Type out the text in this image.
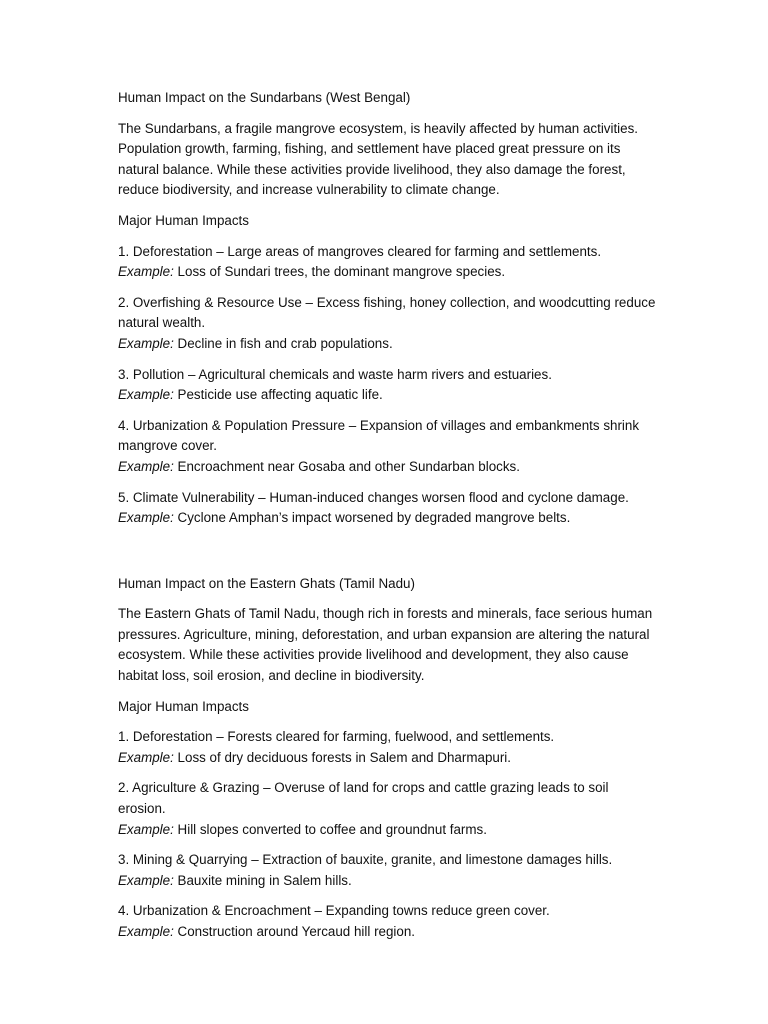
Human Impact on the Sundarbans (West Bengal)
The Sundarbans, a fragile mangrove ecosystem, is heavily affected by human activities. Population growth, farming, fishing, and settlement have placed great pressure on its natural balance. While these activities provide livelihood, they also damage the forest, reduce biodiversity, and increase vulnerability to climate change.
Major Human Impacts
1. Deforestation – Large areas of mangroves cleared for farming and settlements.
Example: Loss of Sundari trees, the dominant mangrove species.
2. Overfishing & Resource Use – Excess fishing, honey collection, and woodcutting reduce natural wealth.
Example: Decline in fish and crab populations.
3. Pollution – Agricultural chemicals and waste harm rivers and estuaries.
Example: Pesticide use affecting aquatic life.
4. Urbanization & Population Pressure – Expansion of villages and embankments shrink mangrove cover.
Example: Encroachment near Gosaba and other Sundarban blocks.
5. Climate Vulnerability – Human-induced changes worsen flood and cyclone damage.
Example: Cyclone Amphan’s impact worsened by degraded mangrove belts.
Human Impact on the Eastern Ghats (Tamil Nadu)
The Eastern Ghats of Tamil Nadu, though rich in forests and minerals, face serious human pressures. Agriculture, mining, deforestation, and urban expansion are altering the natural ecosystem. While these activities provide livelihood and development, they also cause habitat loss, soil erosion, and decline in biodiversity.
Major Human Impacts
1. Deforestation – Forests cleared for farming, fuelwood, and settlements.
Example: Loss of dry deciduous forests in Salem and Dharmapuri.
2. Agriculture & Grazing – Overuse of land for crops and cattle grazing leads to soil erosion.
Example: Hill slopes converted to coffee and groundnut farms.
3. Mining & Quarrying – Extraction of bauxite, granite, and limestone damages hills.
Example: Bauxite mining in Salem hills.
4. Urbanization & Encroachment – Expanding towns reduce green cover.
Example: Construction around Yercaud hill region.
